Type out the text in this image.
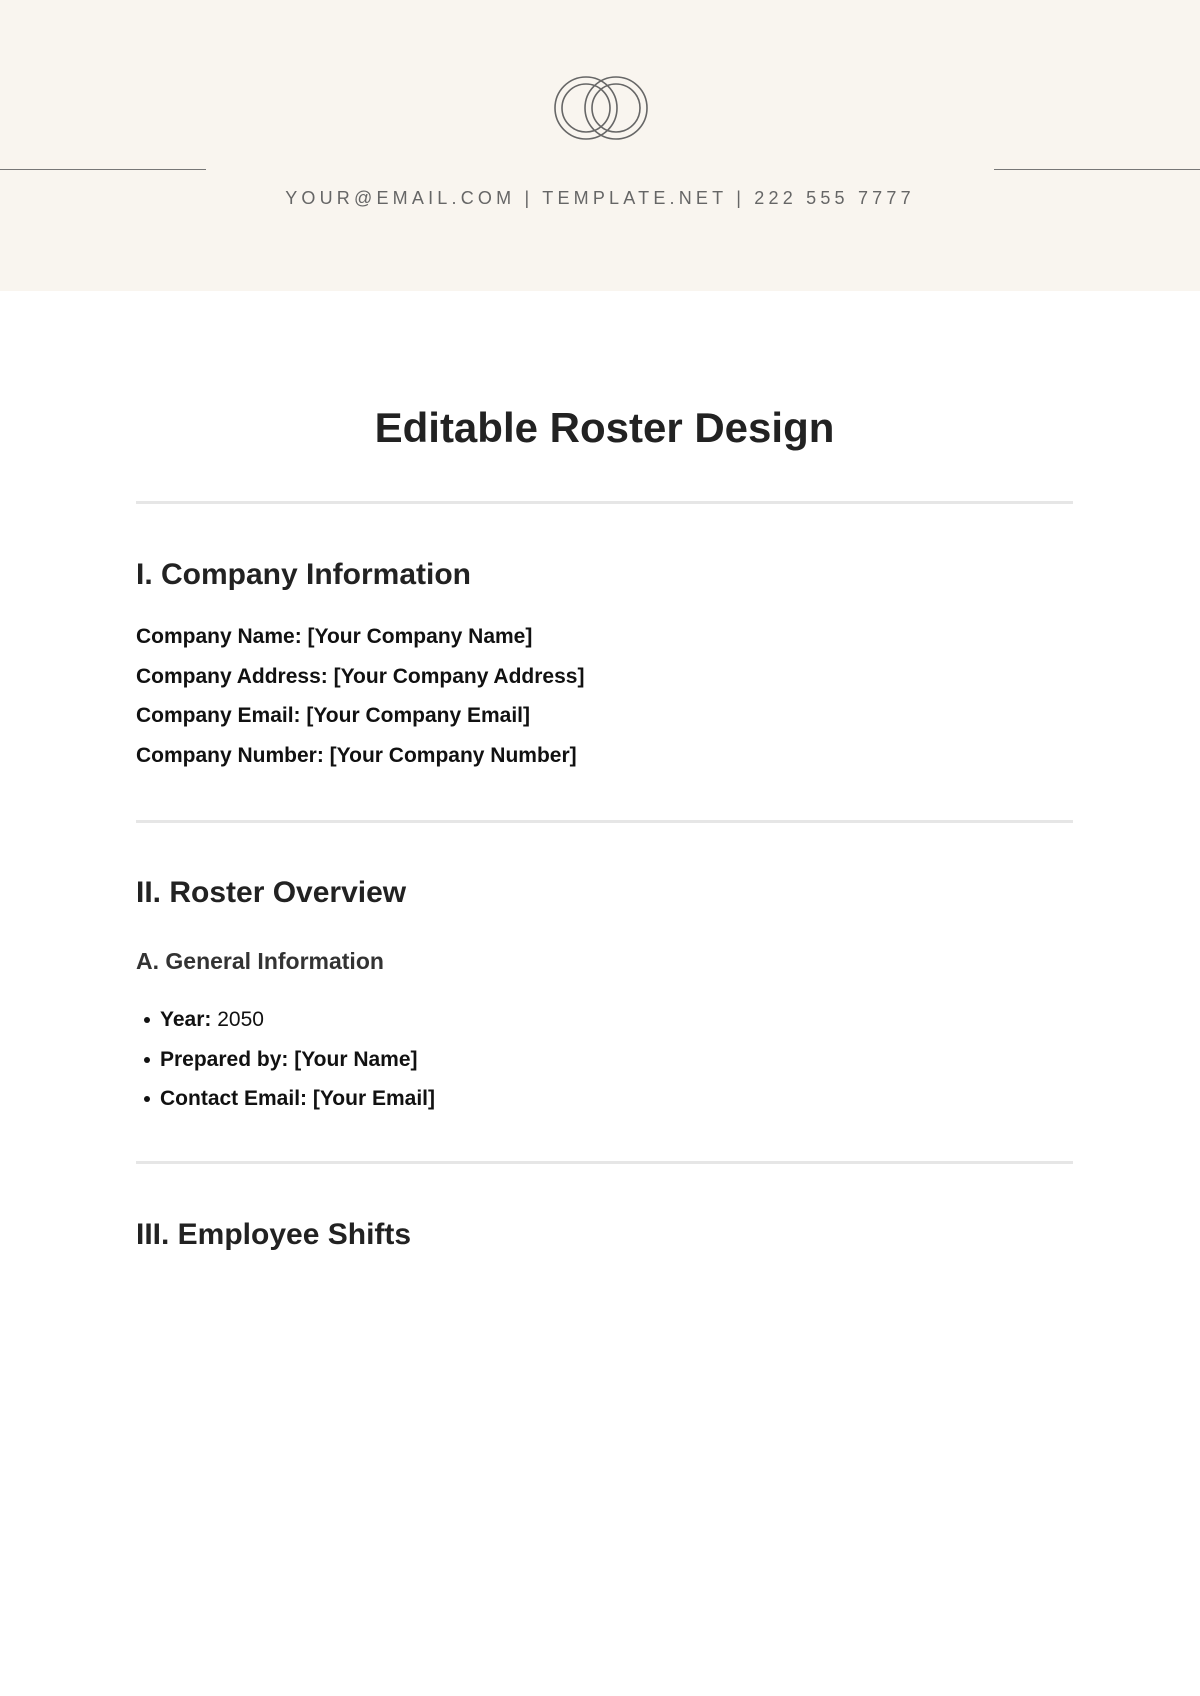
YOUR@EMAIL.COM | TEMPLATE.NET | 222 555 7777
Editable Roster Design
I. Company Information
Company Name: [Your Company Name]
Company Address: [Your Company Address]
Company Email: [Your Company Email]
Company Number: [Your Company Number]
II. Roster Overview
A. General Information
Year: 2050
Prepared by: [Your Name]
Contact Email: [Your Email]
III. Employee Shifts
